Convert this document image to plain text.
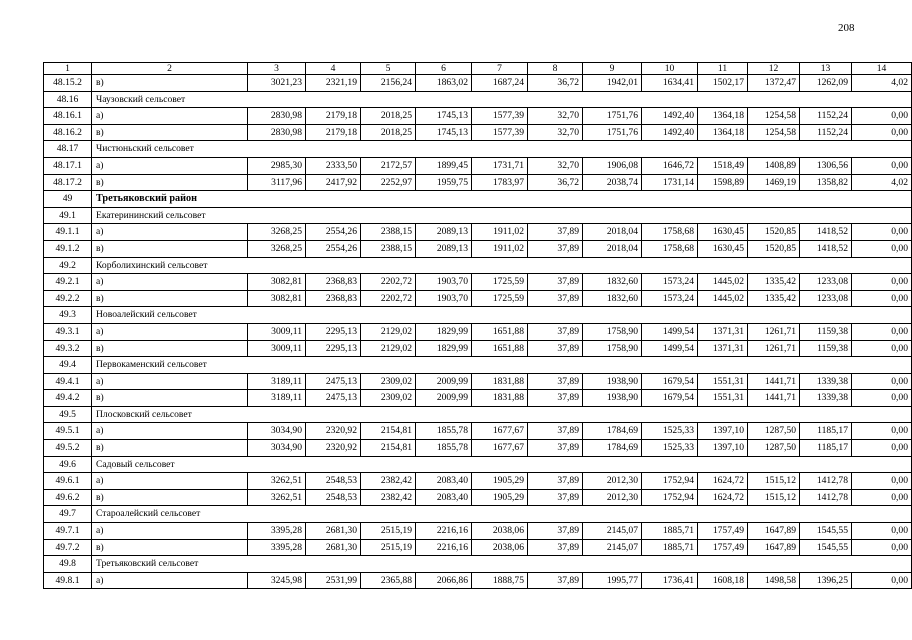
208
1	2	3	4	5	6	7	8	9	10	11	12	13	14
48.15.2	в)	3021,23	2321,19	2156,24	1863,02	1687,24	36,72	1942,01	1634,41	1502,17	1372,47	1262,09	4,02
48.16	Чаузовский сельсовет												
48.16.1	а)	2830,98	2179,18	2018,25	1745,13	1577,39	32,70	1751,76	1492,40	1364,18	1254,58	1152,24	0,00
48.16.2	в)	2830,98	2179,18	2018,25	1745,13	1577,39	32,70	1751,76	1492,40	1364,18	1254,58	1152,24	0,00
48.17	Чистюньский сельсовет												
48.17.1	а)	2985,30	2333,50	2172,57	1899,45	1731,71	32,70	1906,08	1646,72	1518,49	1408,89	1306,56	0,00
48.17.2	в)	3117,96	2417,92	2252,97	1959,75	1783,97	36,72	2038,74	1731,14	1598,89	1469,19	1358,82	4,02
49	Третьяковский район												
49.1	Екатерининский сельсовет												
49.1.1	а)	3268,25	2554,26	2388,15	2089,13	1911,02	37,89	2018,04	1758,68	1630,45	1520,85	1418,52	0,00
49.1.2	в)	3268,25	2554,26	2388,15	2089,13	1911,02	37,89	2018,04	1758,68	1630,45	1520,85	1418,52	0,00
49.2	Корболихинский сельсовет												
49.2.1	а)	3082,81	2368,83	2202,72	1903,70	1725,59	37,89	1832,60	1573,24	1445,02	1335,42	1233,08	0,00
49.2.2	в)	3082,81	2368,83	2202,72	1903,70	1725,59	37,89	1832,60	1573,24	1445,02	1335,42	1233,08	0,00
49.3	Новоалейский сельсовет												
49.3.1	а)	3009,11	2295,13	2129,02	1829,99	1651,88	37,89	1758,90	1499,54	1371,31	1261,71	1159,38	0,00
49.3.2	в)	3009,11	2295,13	2129,02	1829,99	1651,88	37,89	1758,90	1499,54	1371,31	1261,71	1159,38	0,00
49.4	Первокаменский сельсовет												
49.4.1	а)	3189,11	2475,13	2309,02	2009,99	1831,88	37,89	1938,90	1679,54	1551,31	1441,71	1339,38	0,00
49.4.2	в)	3189,11	2475,13	2309,02	2009,99	1831,88	37,89	1938,90	1679,54	1551,31	1441,71	1339,38	0,00
49.5	Плосковский сельсовет												
49.5.1	а)	3034,90	2320,92	2154,81	1855,78	1677,67	37,89	1784,69	1525,33	1397,10	1287,50	1185,17	0,00
49.5.2	в)	3034,90	2320,92	2154,81	1855,78	1677,67	37,89	1784,69	1525,33	1397,10	1287,50	1185,17	0,00
49.6	Садовый сельсовет												
49.6.1	а)	3262,51	2548,53	2382,42	2083,40	1905,29	37,89	2012,30	1752,94	1624,72	1515,12	1412,78	0,00
49.6.2	в)	3262,51	2548,53	2382,42	2083,40	1905,29	37,89	2012,30	1752,94	1624,72	1515,12	1412,78	0,00
49.7	Староалейский сельсовет												
49.7.1	а)	3395,28	2681,30	2515,19	2216,16	2038,06	37,89	2145,07	1885,71	1757,49	1647,89	1545,55	0,00
49.7.2	в)	3395,28	2681,30	2515,19	2216,16	2038,06	37,89	2145,07	1885,71	1757,49	1647,89	1545,55	0,00
49.8	Третьяковский сельсовет												
49.8.1	а)	3245,98	2531,99	2365,88	2066,86	1888,75	37,89	1995,77	1736,41	1608,18	1498,58	1396,25	0,00
